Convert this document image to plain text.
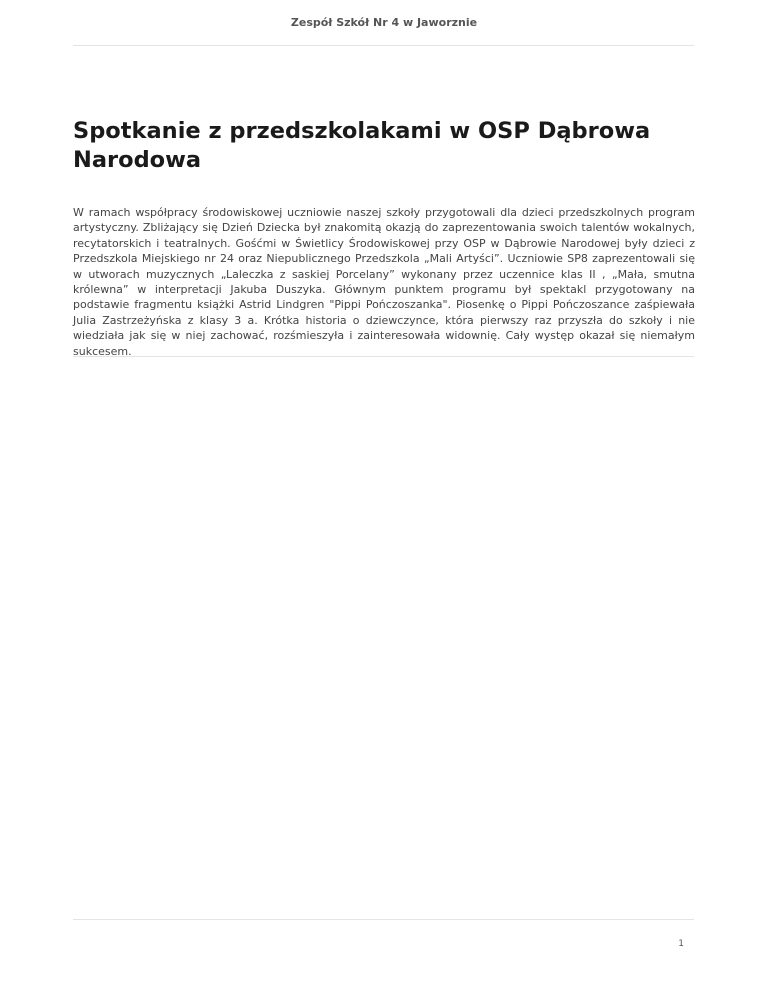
Zespół Szkół Nr 4 w Jaworznie
Spotkanie z przedszkolakami w OSP Dąbrowa Narodowa

W ramach współpracy środowiskowej uczniowie naszej szkoły przygotowali dla dzieci przedszkolnych program artystyczny. Zbliżający się Dzień Dziecka był znakomitą okazją do zaprezentowania swoich talentów wokalnych, recytatorskich i teatralnych. Gośćmi w Świetlicy Środowiskowej przy OSP w Dąbrowie Narodowej były dzieci z Przedszkola Miejskiego nr 24 oraz Niepublicznego Przedszkola „Mali Artyści”. Uczniowie SP8 zaprezentowali się w utworach muzycznych „Laleczka z saskiej Porcelany” wykonany przez uczennice klas II , „Mała, smutna królewna” w interpretacji Jakuba Duszyka. Głównym punktem programu był spektakl przygotowany na podstawie fragmentu książki Astrid Lindgren "Pippi Pończoszanka". Piosenkę o Pippi Pończoszance zaśpiewała Julia Zastrzeżyńska z klasy 3 a. Krótka historia o dziewczynce, która pierwszy raz przyszła do szkoły i nie wiedziała jak się w niej zachować, rozśmieszyła i zainteresowała widownię. Cały występ okazał się niemałym sukcesem.

1
